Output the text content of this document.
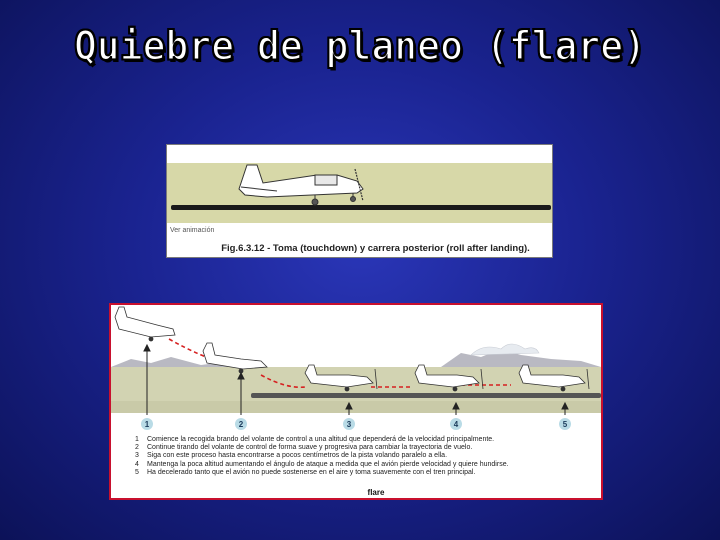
Quiebre de planeo (flare)
Ver animación
Fig.6.3.12 - Toma (touchdown) y carrera posterior (roll after landing).
1	2	3	4	5
1	Comience la recogida brando del volante de control a una altitud que dependerá de la velocidad principalmente.
2	Continue tirando del volante de control de forma suave y progresiva para cambiar la trayectoria de vuelo.
3	Siga con este proceso hasta encontrarse a pocos centímetros de la pista volando paralelo a ella.
4	Mantenga la poca altitud aumentando el ángulo de ataque a medida que el avión pierde velocidad y quiere hundirse.
5	Ha decelerado tanto que el avión no puede sostenerse en el aire y toma suavemente con el tren principal.
flare
